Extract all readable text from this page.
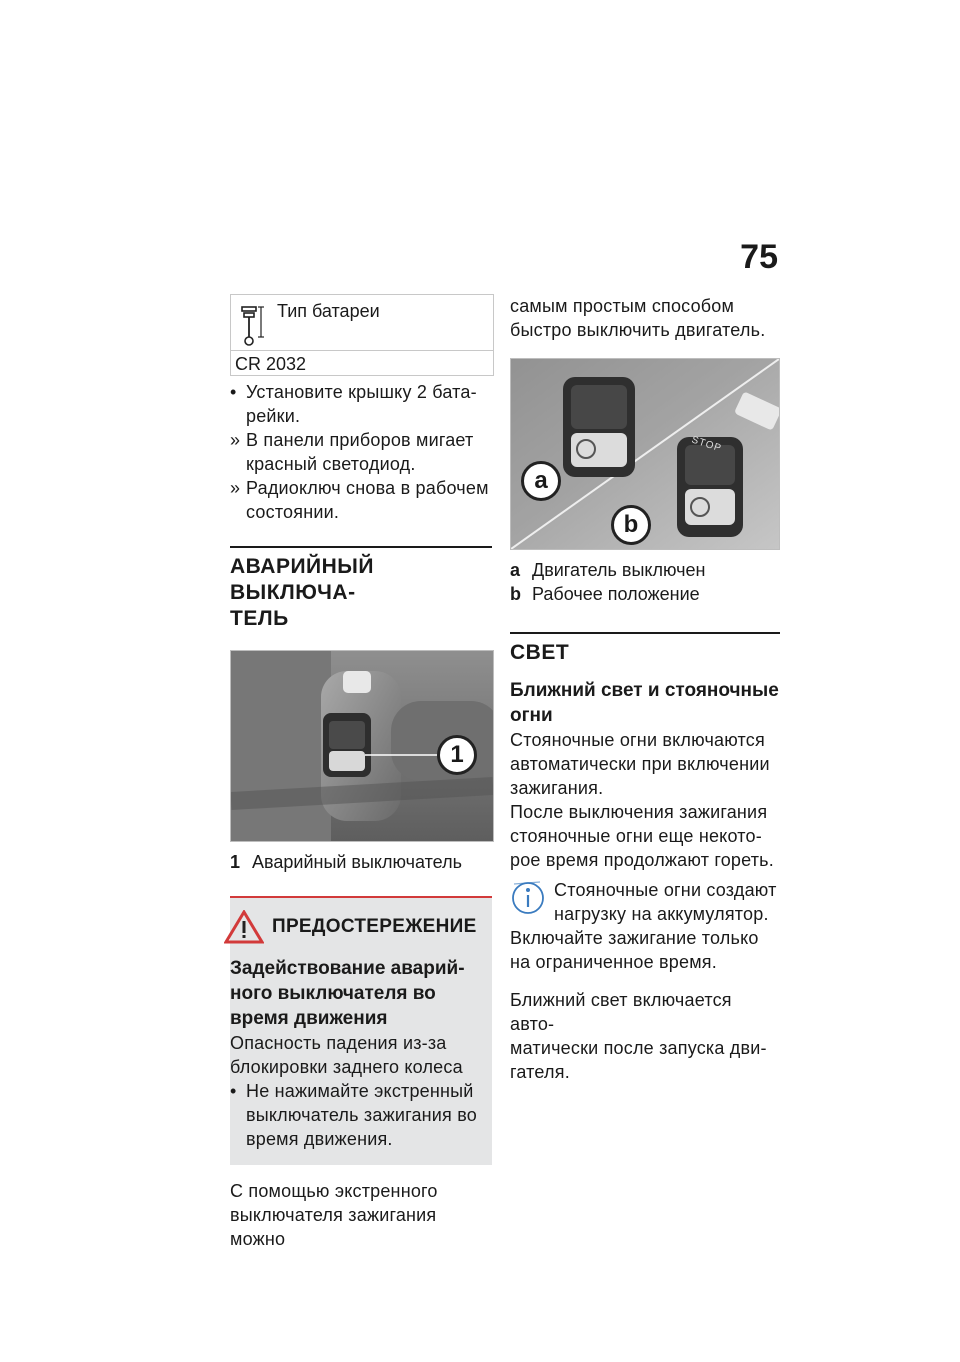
75
Тип батареи
CR 2032
• Установите крышку 2 бата-
рейки.
» В панели приборов мигает
красный светодиод.
» Радиоключ снова в рабочем
состоянии.

АВАРИЙНЫЙ ВЫКЛЮЧА-
ТЕЛЬ

1
1 Аварийный выключатель
ПРЕДОСТЕРЕЖЕНИЕ

Задействование аварий-
ного выключателя во
время движения

Опасность падения из-за
блокировки заднего колеса

• Не нажимайте экстренный
выключатель зажигания во
время движения.

С помощью экстренного
выключателя зажигания можно

самым простым способом
быстро выключить двигатель.

STOP
a
b
a Двигатель выключен
b Рабочее положение

СВЕТ

Ближний свет и стояночные
огни

Стояночные огни включаются
автоматически при включении
зажигания.
После выключения зажигания
стояночные огни еще некото-
рое время продолжают гореть.

Стояночные огни создают
нагрузку на аккумулятор.

Включайте зажигание только
на ограниченное время.

Ближний свет включается авто-
матически после запуска дви-
гателя.
